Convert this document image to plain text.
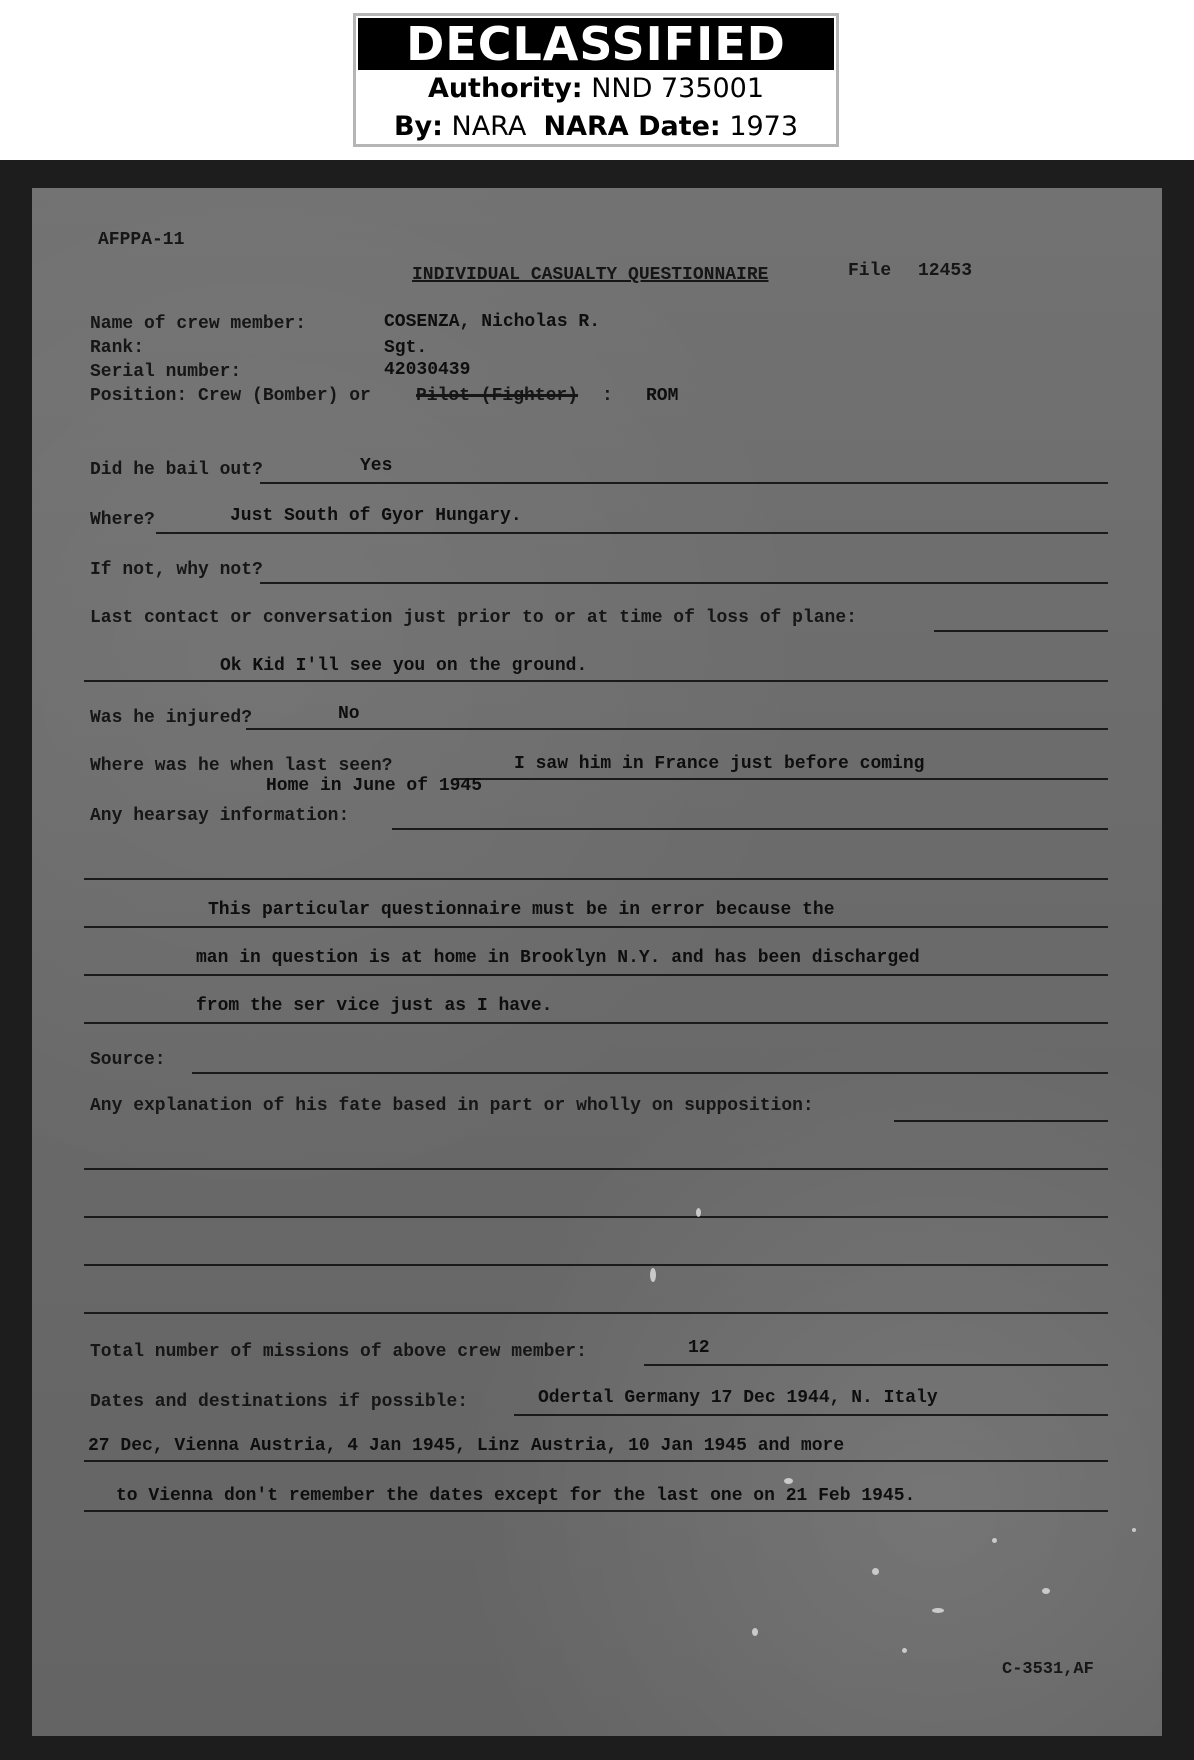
DECLASSIFIED
Authority: NND 735001
By: NARA NARA Date: 1973
AFPPA-11
INDIVIDUAL CASUALTY QUESTIONNAIRE	File 12453
Name of crew member:	COSENZA, Nicholas R.
Rank:	Sgt.
Serial number:	42030439
Position: Crew (Bomber) or	Pilot (Fighter) : ROM
Did he bail out?	Yes
Where?	Just South of Gyor Hungary.
If not, why not?
Last contact or conversation just prior to or at time of loss of plane:
Ok Kid I'll see you on the ground.
Was he injured?	No
Where was he when last seen?	I saw him in France just before coming
Home in June of 1945
Any hearsay information:
This particular questionnaire must be in error because the
man in question is at home in Brooklyn N.Y. and has been discharged
from the ser vice just as I have.
Source:
Any explanation of his fate based in part or wholly on supposition:
Total number of missions of above crew member:	12
Dates and destinations if possible:	Odertal Germany 17 Dec 1944, N. Italy
27 Dec, Vienna Austria, 4 Jan 1945, Linz Austria, 10 Jan 1945 and more
to Vienna don't remember the dates except for the last one on 21 Feb 1945.
C-3531,AF
